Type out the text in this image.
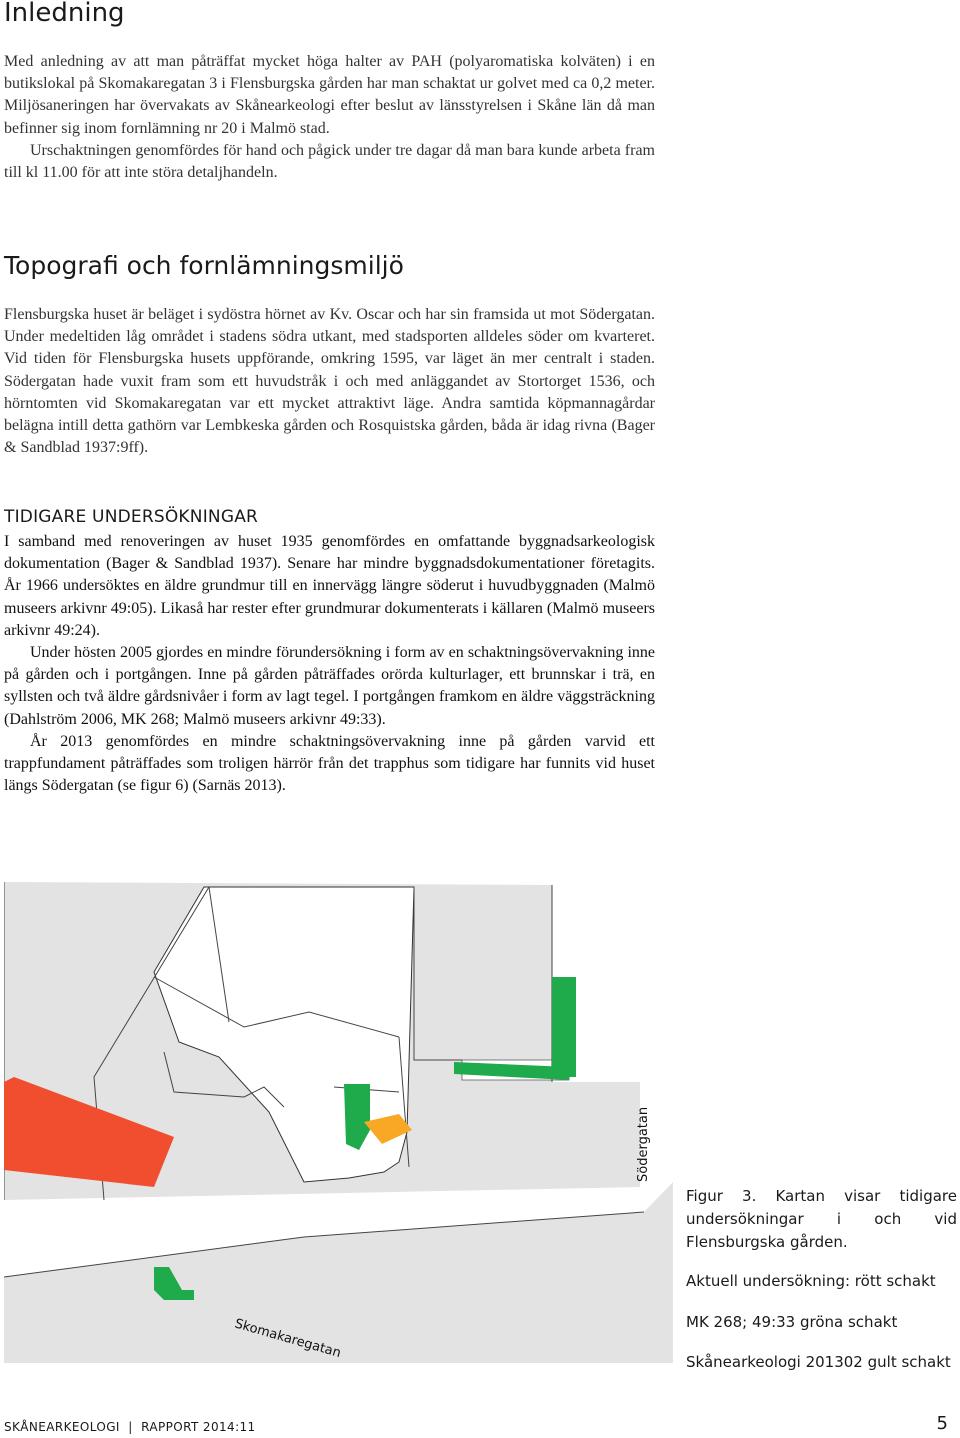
Inledning

Med anledning av att man påträffat mycket höga halter av PAH (polyaromatiska kolväten) i en butikslokal på Skomakaregatan 3 i Flensburgska gården har man schaktat ur golvet med ca 0,2 meter. Miljösaneringen har övervakats av Skånearkeologi efter beslut av länsstyrelsen i Skåne län då man befinner sig inom fornlämning nr 20 i Malmö stad.

Urschaktningen genomfördes för hand och pågick under tre dagar då man bara kunde arbeta fram till kl 11.00 för att inte störa detaljhandeln.

Topografi och fornlämningsmiljö

Flensburgska huset är beläget i sydöstra hörnet av Kv. Oscar och har sin framsida ut mot Södergatan. Under medeltiden låg området i stadens södra utkant, med stadsporten alldeles söder om kvarteret. Vid tiden för Flensburgska husets uppförande, omkring 1595, var läget än mer centralt i staden. Södergatan hade vuxit fram som ett huvudstråk i och med anläggandet av Stortorget 1536, och hörntomten vid Skomakaregatan var ett mycket attraktivt läge. Andra samtida köpmannagårdar belägna intill detta gathörn var Lembkeska gården och Rosquistska gården, båda är idag rivna (Bager & Sandblad 1937:9ff).

TIDIGARE UNDERSÖKNINGAR

I samband med renoveringen av huset 1935 genomfördes en omfattande byggnadsarkeologisk dokumentation (Bager & Sandblad 1937). Senare har mindre byggnadsdokumentationer företagits. År 1966 undersöktes en äldre grundmur till en innervägg längre söderut i huvudbyggnaden (Malmö museers arkivnr 49:05). Likaså har rester efter grundmurar dokumenterats i källaren (Malmö museers arkivnr 49:24).

Under hösten 2005 gjordes en mindre förundersökning i form av en schaktningsövervakning inne på gården och i portgången. Inne på gården påträffades orörda kulturlager, ett brunnskar i trä, en syllsten och två äldre gårdsnivåer i form av lagt tegel. I portgången framkom en äldre väggsträckning (Dahlström 2006, MK 268; Malmö museers arkivnr 49:33).

År 2013 genomfördes en mindre schaktningsövervakning inne på gården varvid ett trappfundament påträffades som troligen härrör från det trapphus som tidigare har funnits vid huset längs Södergatan (se figur 6) (Sarnäs 2013).

Skomakaregatan
Södergatan

Figur 3. Kartan visar tidigare undersökningar i och vid Flensburgska gården.

Aktuell undersökning: rött schakt

MK 268; 49:33 gröna schakt

Skånearkeologi 201302 gult schakt

SKÅNEARKEOLOGI  |  RAPPORT 2014:11	5
